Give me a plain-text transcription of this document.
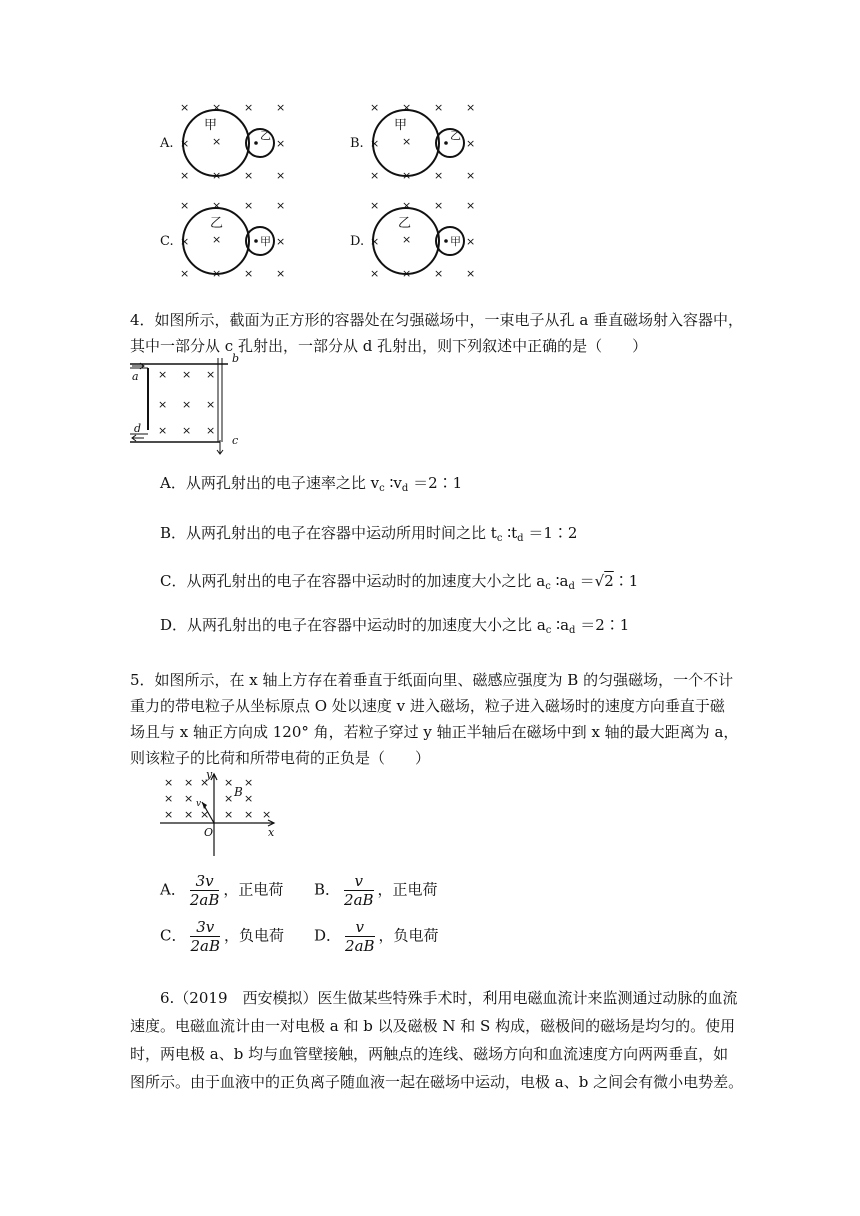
A.
× × × ×
× ×	×
× × × ×
甲
乙
B.
× × × ×
× ×	×
× × × ×
甲
乙
C.
× × × ×
× ×	×
× × × ×
乙
甲	D.
× × × ×
× ×	×
× × × ×
乙
甲
4．如图所示，截面为正方形的容器处在匀强磁场中，一束电子从孔 a 垂直磁场射入容器中，
其中一部分从 c 孔射出，一部分从 d 孔射出，则下列叙述中正确的是（　　）
× × ×
× × ×
× × ×
a
b
c
d
A．从两孔射出的电子速率之比 $v_c$ $∶v_d$ ＝2∶1
B．从两孔射出的电子在容器中运动所用时间之比 $t_c$ $∶t_d$ ＝1∶2
C．从两孔射出的电子在容器中运动时的加速度大小之比 $a_c$ $∶a_d$ ＝√2∶1
D．从两孔射出的电子在容器中运动时的加速度大小之比 $a_c$ $∶a_d$ ＝2∶1
5．如图所示，在 x 轴上方存在着垂直于纸面向里、磁感应强度为 B 的匀强磁场，一个不计
重力的带电粒子从坐标原点 O 处以速度 v 进入磁场，粒子进入磁场时的速度方向垂直于磁
场且与 x 轴正方向成 120° 角，若粒子穿过 y 轴正半轴后在磁场中到 x 轴的最大距离为 a，
则该粒子的比荷和所带电荷的正负是（　　）
× × × × ×
× ×	× ×
× × × × × ×
y
x
O
B
v
A． $\frac{3v}{2aB}$ ，正电荷 B． $\frac{v}{2aB}$ ，正电荷
C． $\frac{3v}{2aB}$ ，负电荷 D． $\frac{v}{2aB}$ ，负电荷
6.（2019　西安模拟）医生做某些特殊手术时，利用电磁血流计来监测通过动脉的血流
速度。电磁血流计由一对电极 a 和 b 以及磁极 N 和 S 构成，磁极间的磁场是均匀的。使用
时，两电极 a、b 均与血管壁接触，两触点的连线、磁场方向和血流速度方向两两垂直，如
图所示。由于血液中的正负离子随血液一起在磁场中运动，电极 a、b 之间会有微小电势差。
